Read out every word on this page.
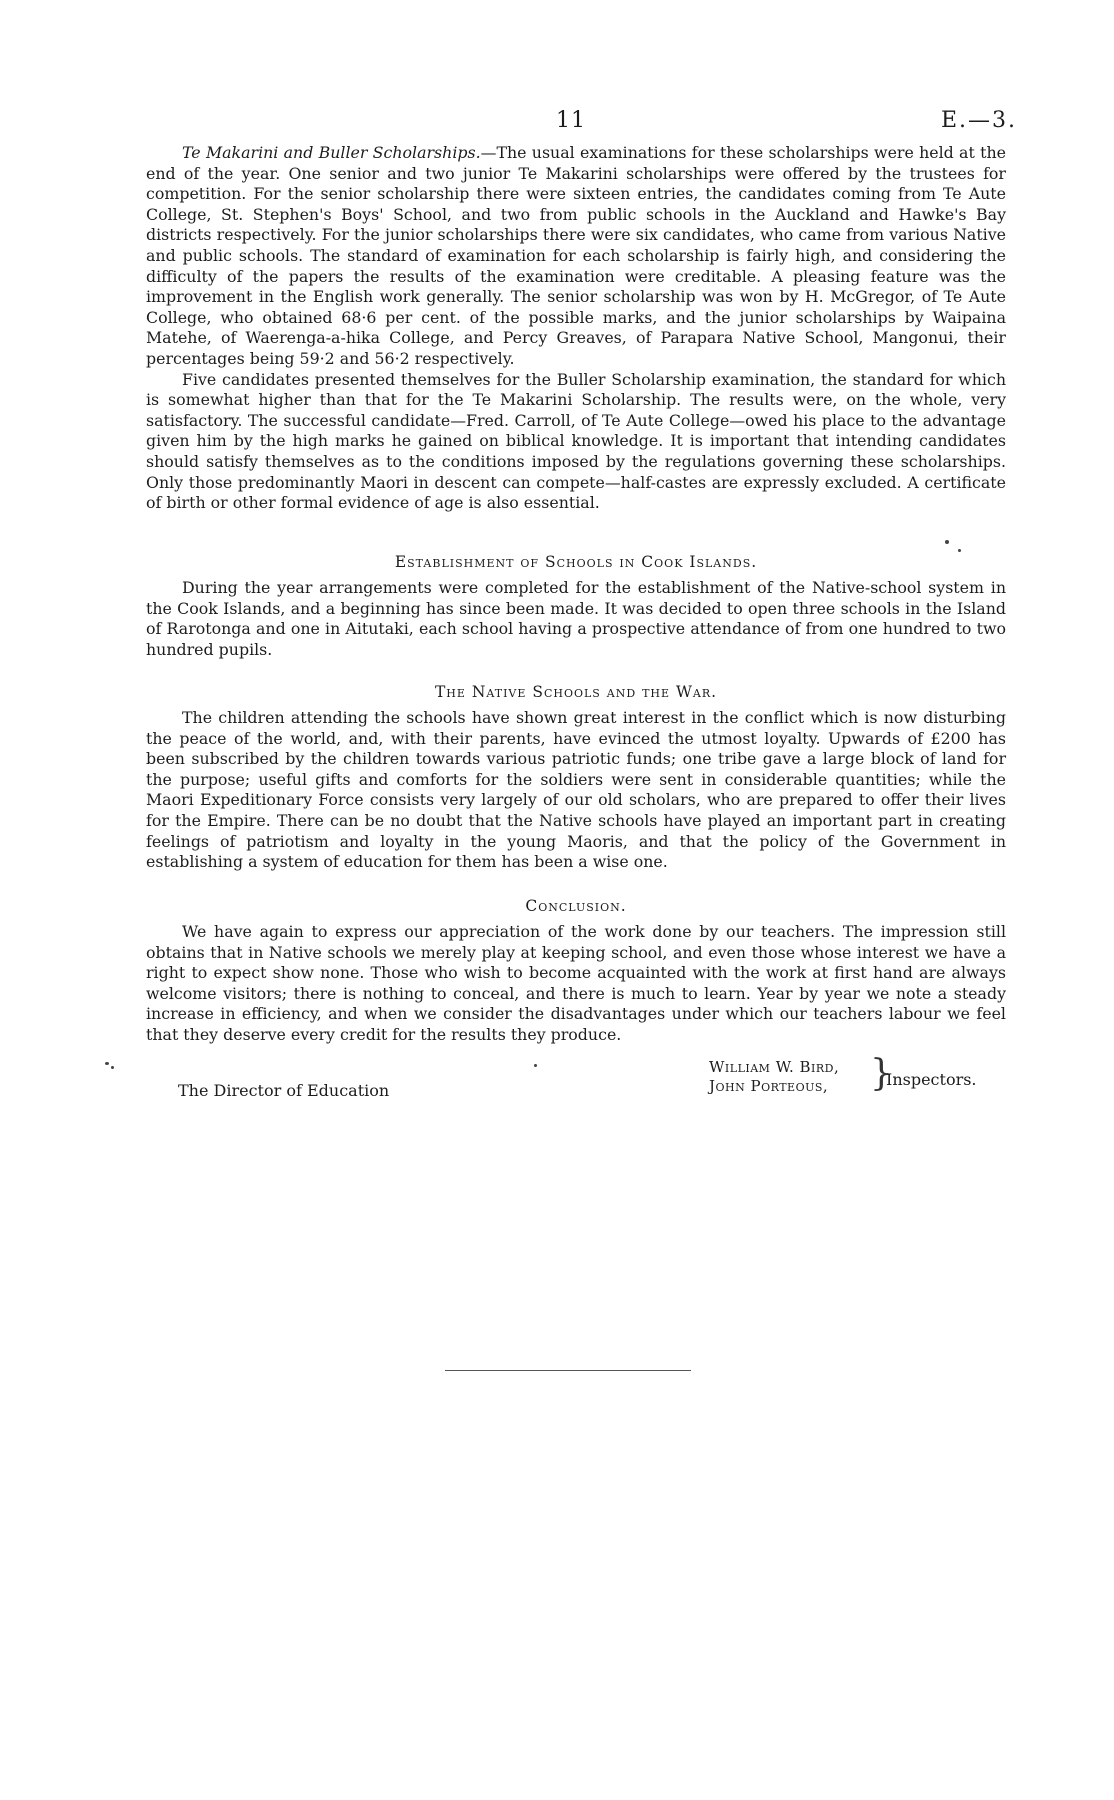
11	E.—3.

Te Makarini and Buller Scholarships.—The usual examinations for these scholarships were held at the end of the year. One senior and two junior Te Makarini scholarships were offered by the trustees for competition. For the senior scholarship there were sixteen entries, the candidates coming from Te Aute College, St. Stephen's Boys' School, and two from public schools in the Auckland and Hawke's Bay districts respectively. For the junior scholarships there were six candidates, who came from various Native and public schools. The standard of examination for each scholarship is fairly high, and considering the difficulty of the papers the results of the examination were creditable. A pleasing feature was the improvement in the English work generally. The senior scholarship was won by H. McGregor, of Te Aute College, who obtained 68·6 per cent. of the possible marks, and the junior scholarships by Waipaina Matehe, of Waerenga-a-hika College, and Percy Greaves, of Parapara Native School, Mangonui, their percentages being 59·2 and 56·2 respectively.

Five candidates presented themselves for the Buller Scholarship examination, the standard for which is somewhat higher than that for the Te Makarini Scholarship. The results were, on the whole, very satisfactory. The successful candidate—Fred. Carroll, of Te Aute College—owed his place to the advantage given him by the high marks he gained on biblical knowledge. It is important that intending candidates should satisfy themselves as to the conditions imposed by the regulations governing these scholarships. Only those predominantly Maori in descent can compete—half-castes are expressly excluded. A certificate of birth or other formal evidence of age is also essential.

Establishment of Schools in Cook Islands.

During the year arrangements were completed for the establishment of the Native-school system in the Cook Islands, and a beginning has since been made. It was decided to open three schools in the Island of Rarotonga and one in Aitutaki, each school having a prospective attendance of from one hundred to two hundred pupils.

The Native Schools and the War.

The children attending the schools have shown great interest in the conflict which is now disturbing the peace of the world, and, with their parents, have evinced the utmost loyalty. Upwards of £200 has been subscribed by the children towards various patriotic funds; one tribe gave a large block of land for the purpose; useful gifts and comforts for the soldiers were sent in considerable quantities; while the Maori Expeditionary Force consists very largely of our old scholars, who are prepared to offer their lives for the Empire. There can be no doubt that the Native schools have played an important part in creating feelings of patriotism and loyalty in the young Maoris, and that the policy of the Government in establishing a system of education for them has been a wise one.

Conclusion.

We have again to express our appreciation of the work done by our teachers. The impression still obtains that in Native schools we merely play at keeping school, and even those whose interest we have a right to expect show none. Those who wish to become acquainted with the work at first hand are always welcome visitors; there is nothing to conceal, and there is much to learn. Year by year we note a steady increase in efficiency, and when we consider the disadvantages under which our teachers labour we feel that they deserve every credit for the results they produce.

The Director of Education
William W. Bird,
John Porteous,	}
Inspectors.
